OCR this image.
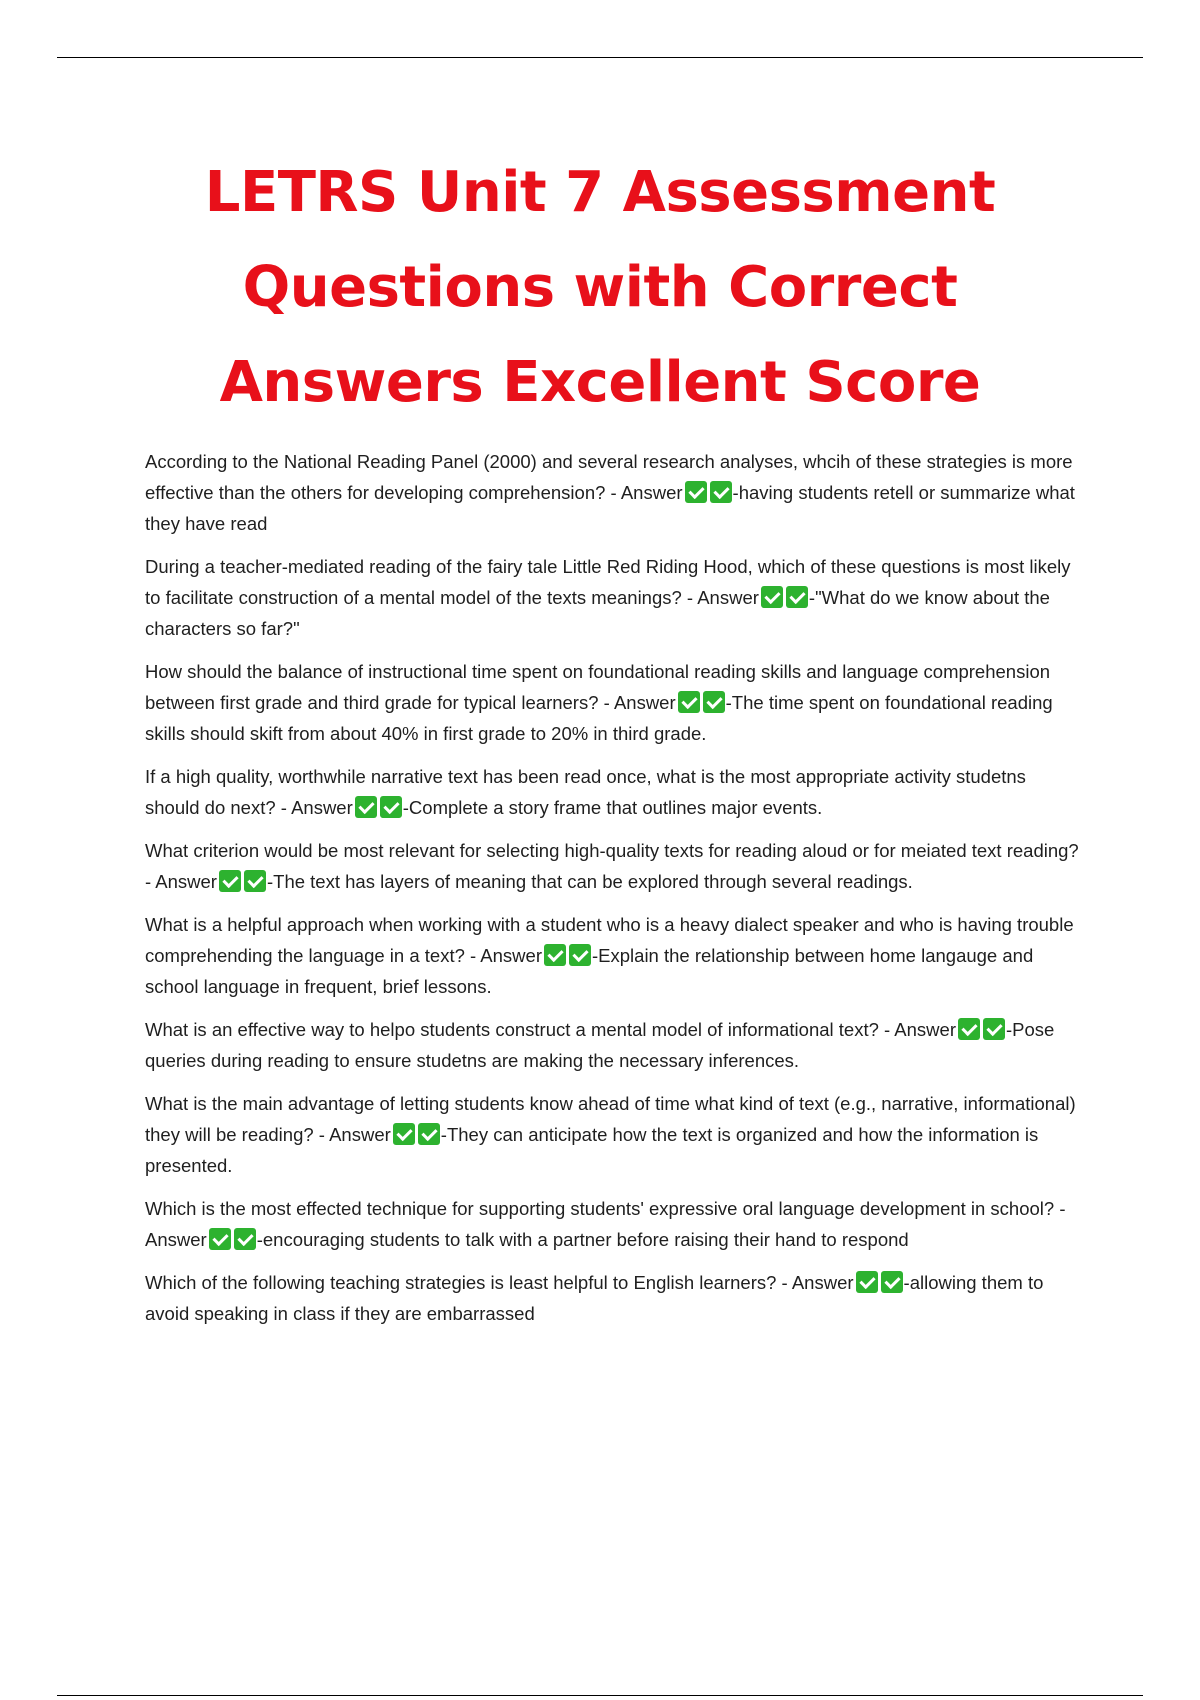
LETRS Unit 7 Assessment
Questions with Correct
Answers Excellent Score

According to the National Reading Panel (2000) and several research analyses, whcih of these strategies is more effective than the others for developing comprehension? - Answer	-having students retell or summarize what they have read

During a teacher-mediated reading of the fairy tale Little Red Riding Hood, which of these questions is most likely to facilitate construction of a mental model of the texts meanings? - Answer	-"What do we know about the characters so far?"

How should the balance of instructional time spent on foundational reading skills and language comprehension between first grade and third grade for typical learners? - Answer	-The time spent on foundational reading skills should skift from about 40% in first grade to 20% in third grade.

If a high quality, worthwhile narrative text has been read once, what is the most appropriate activity studetns should do next? - Answer	-Complete a story frame that outlines major events.

What criterion would be most relevant for selecting high-quality texts for reading aloud or for meiated text reading? - Answer	-The text has layers of meaning that can be explored through several readings.

What is a helpful approach when working with a student who is a heavy dialect speaker and who is having trouble comprehending the language in a text? - Answer	-Explain the relationship between home langauge and school language in frequent, brief lessons.

What is an effective way to helpo students construct a mental model of informational text? - Answer	-Pose queries during reading to ensure studetns are making the necessary inferences.

What is the main advantage of letting students know ahead of time what kind of text (e.g., narrative, informational) they will be reading? - Answer	-They can anticipate how the text is organized and how the information is presented.

Which is the most effected technique for supporting students' expressive oral language development in school? - Answer	-encouraging students to talk with a partner before raising their hand to respond

Which of the following teaching strategies is least helpful to English learners? - Answer	-allowing them to avoid speaking in class if they are embarrassed
